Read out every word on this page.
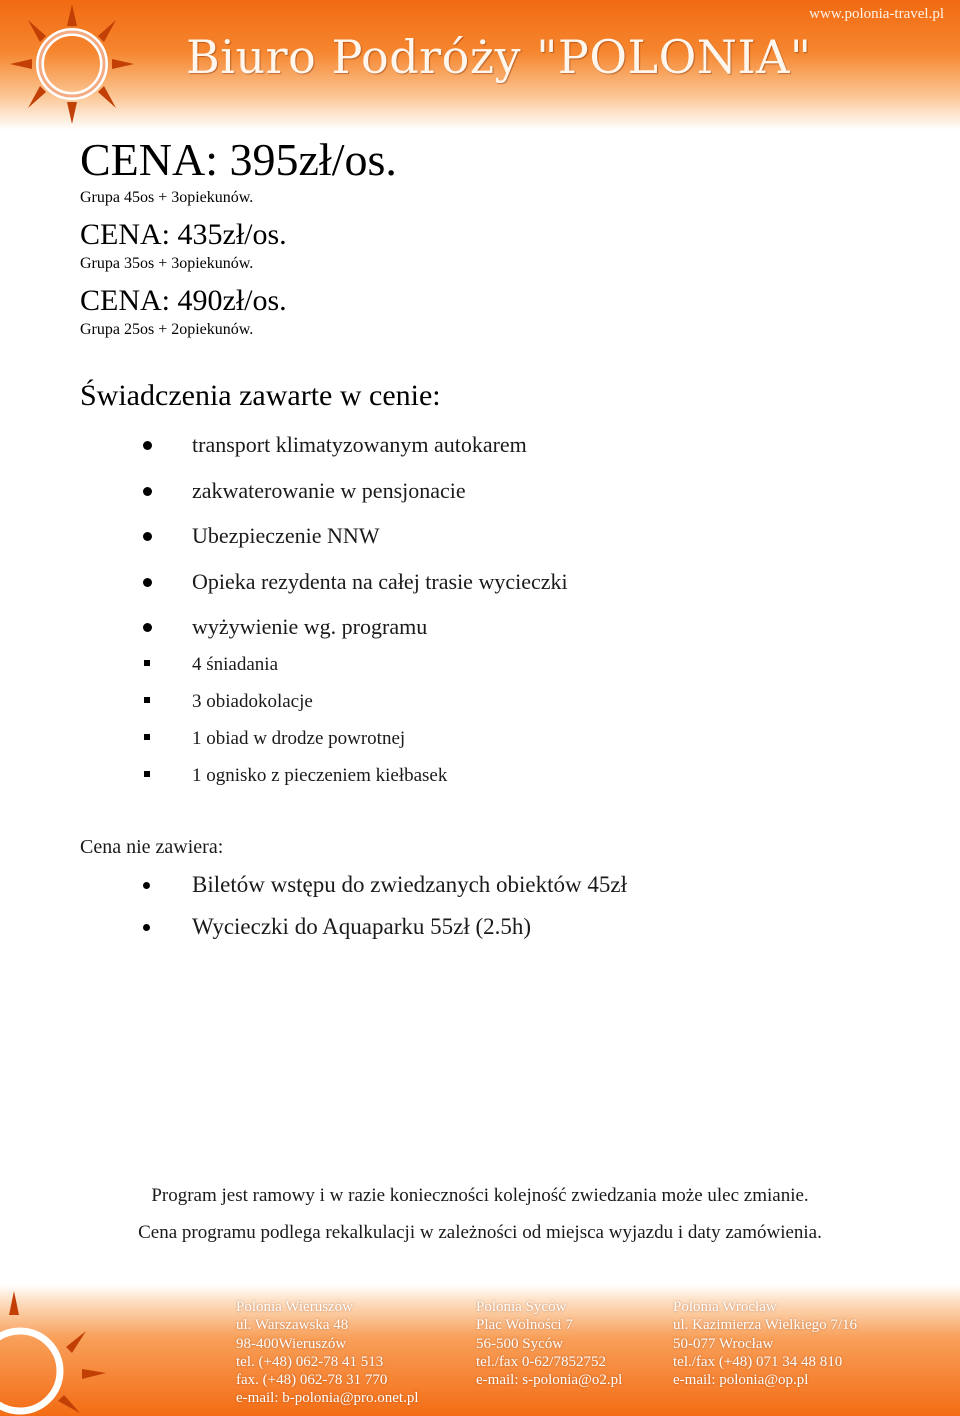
www.polonia-travel.pl
Biuro Podróży "POLONIA"

CENA: 395zł/os.

Grupa 45os + 3opiekunów.

CENA: 435zł/os.

Grupa 35os + 3opiekunów.

CENA: 490zł/os.

Grupa 25os + 2opiekunów.

Świadczenia zawarte w cenie:

transport klimatyzowanym autokarem
zakwaterowanie w pensjonacie
Ubezpieczenie NNW
Opieka rezydenta na całej trasie wycieczki
wyżywienie wg. programu
4 śniadania
3 obiadokolacje
1 obiad w drodze powrotnej
1 ognisko z pieczeniem kiełbasek

Cena nie zawiera:

Biletów wstępu do zwiedzanych obiektów 45zł
Wycieczki do Aquaparku 55zł (2.5h)
Program jest ramowy i w razie konieczności kolejność zwiedzania może ulec zmianie.
Cena programu podlega rekalkulacji w zależności od miejsca wyjazdu i daty zamówienia.
Polonia Wieruszów
ul. Warszawska 48
98-400Wieruszów
tel. (+48) 062-78 41 513
fax. (+48) 062-78 31 770
e-mail: b-polonia@pro.onet.pl
Polonia Syców
Plac Wolności 7
56-500 Syców
tel./fax 0-62/7852752
e-mail: s-polonia@o2.pl
Polonia Wrocław
ul. Kazimierza Wielkiego 7/16
50-077 Wrocław
tel./fax (+48) 071 34 48 810
e-mail: polonia@op.pl
